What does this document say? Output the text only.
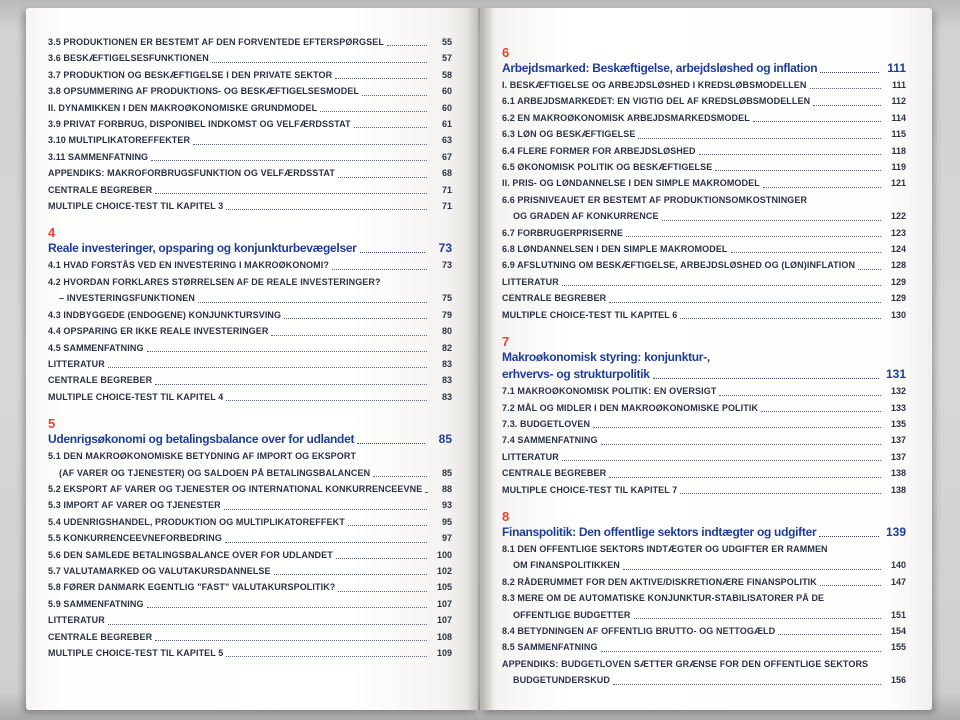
3.5 PRODUKTIONEN ER BESTEMT AF DEN FORVENTEDE EFTERSPØRGSEL	55
3.6 BESKÆFTIGELSESFUNKTIONEN	57
3.7 PRODUKTION OG BESKÆFTIGELSE I DEN PRIVATE SEKTOR	58
3.8 OPSUMMERING AF PRODUKTIONS- OG BESKÆFTIGELSESMODEL	60
II. DYNAMIKKEN I DEN MAKROØKONOMISKE GRUNDMODEL	60
3.9 PRIVAT FORBRUG, DISPONIBEL INDKOMST OG VELFÆRDSSTAT	61
3.10 MULTIPLIKATOREFFEKTER	63
3.11 SAMMENFATNING	67
APPENDIKS: MAKROFORBRUGSFUNKTION OG VELFÆRDSSTAT	68
CENTRALE BEGREBER	71
MULTIPLE CHOICE-TEST TIL KAPITEL 3	71
4
Reale investeringer, opsparing og konjunkturbevægelser	73
4.1 HVAD FORSTÅS VED EN INVESTERING I MAKROØKONOMI?	73
4.2 HVORDAN FORKLARES STØRRELSEN AF DE REALE INVESTERINGER?
– INVESTERINGSFUNKTIONEN	75
4.3 INDBYGGEDE (ENDOGENE) KONJUNKTURSVING	79
4.4 OPSPARING ER IKKE REALE INVESTERINGER	80
4.5 SAMMENFATNING	82
LITTERATUR	83
CENTRALE BEGREBER	83
MULTIPLE CHOICE-TEST TIL KAPITEL 4	83
5
Udenrigsøkonomi og betalingsbalance over for udlandet	85
5.1 DEN MAKROØKONOMISKE BETYDNING AF IMPORT OG EKSPORT
(AF VARER OG TJENESTER) OG SALDOEN PÅ BETALINGSBALANCEN	85
5.2 EKSPORT AF VARER OG TJENESTER OG INTERNATIONAL KONKURRENCEEVNE	88
5.3 IMPORT AF VARER OG TJENESTER	93
5.4 UDENRIGSHANDEL, PRODUKTION OG MULTIPLIKATOREFFEKT	95
5.5 KONKURRENCEEVNEFORBEDRING	97
5.6 DEN SAMLEDE BETALINGSBALANCE OVER FOR UDLANDET	100
5.7 VALUTAMARKED OG VALUTAKURSDANNELSE	102
5.8 FØRER DANMARK EGENTLIG "FAST" VALUTAKURSPOLITIK?	105
5.9 SAMMENFATNING	107
LITTERATUR	107
CENTRALE BEGREBER	108
MULTIPLE CHOICE-TEST TIL KAPITEL 5	109
6
Arbejdsmarked: Beskæftigelse, arbejdsløshed og inflation	111
I. BESKÆFTIGELSE OG ARBEJDSLØSHED I KREDSLØBSMODELLEN	111
6.1 ARBEJDSMARKEDET: EN VIGTIG DEL AF KREDSLØBSMODELLEN	112
6.2 EN MAKROØKONOMISK ARBEJDSMARKEDSMODEL	114
6.3 LØN OG BESKÆFTIGELSE	115
6.4 FLERE FORMER FOR ARBEJDSLØSHED	118
6.5 ØKONOMISK POLITIK OG BESKÆFTIGELSE	119
II. PRIS- OG LØNDANNELSE I DEN SIMPLE MAKROMODEL	121
6.6 PRISNIVEAUET ER BESTEMT AF PRODUKTIONSOMKOSTNINGER
OG GRADEN AF KONKURRENCE	122
6.7 FORBRUGERPRISERNE	123
6.8 LØNDANNELSEN I DEN SIMPLE MAKROMODEL	124
6.9 AFSLUTNING OM BESKÆFTIGELSE, ARBEJDSLØSHED OG (LØN)INFLATION	128
LITTERATUR	129
CENTRALE BEGREBER	129
MULTIPLE CHOICE-TEST TIL KAPITEL 6	130
7
Makroøkonomisk styring: konjunktur-,
erhvervs- og strukturpolitik	131
7.1 MAKROØKONOMISK POLITIK: EN OVERSIGT	132
7.2 MÅL OG MIDLER I DEN MAKROØKONOMISKE POLITIK	133
7.3. BUDGETLOVEN	135
7.4 SAMMENFATNING	137
LITTERATUR	137
CENTRALE BEGREBER	138
MULTIPLE CHOICE-TEST TIL KAPITEL 7	138
8
Finanspolitik: Den offentlige sektors indtægter og udgifter	139
8.1 DEN OFFENTLIGE SEKTORS INDTÆGTER OG UDGIFTER ER RAMMEN
OM FINANSPOLITIKKEN	140
8.2 RÅDERUMMET FOR DEN AKTIVE/DISKRETIONÆRE FINANSPOLITIK	147
8.3 MERE OM DE AUTOMATISKE KONJUNKTUR-STABILISATORER PÅ DE
OFFENTLIGE BUDGETTER	151
8.4 BETYDNINGEN AF OFFENTLIG BRUTTO- OG NETTOGÆLD	154
8.5 SAMMENFATNING	155
APPENDIKS: BUDGETLOVEN SÆTTER GRÆNSE FOR DEN OFFENTLIGE SEKTORS
BUDGETUNDERSKUD	156
